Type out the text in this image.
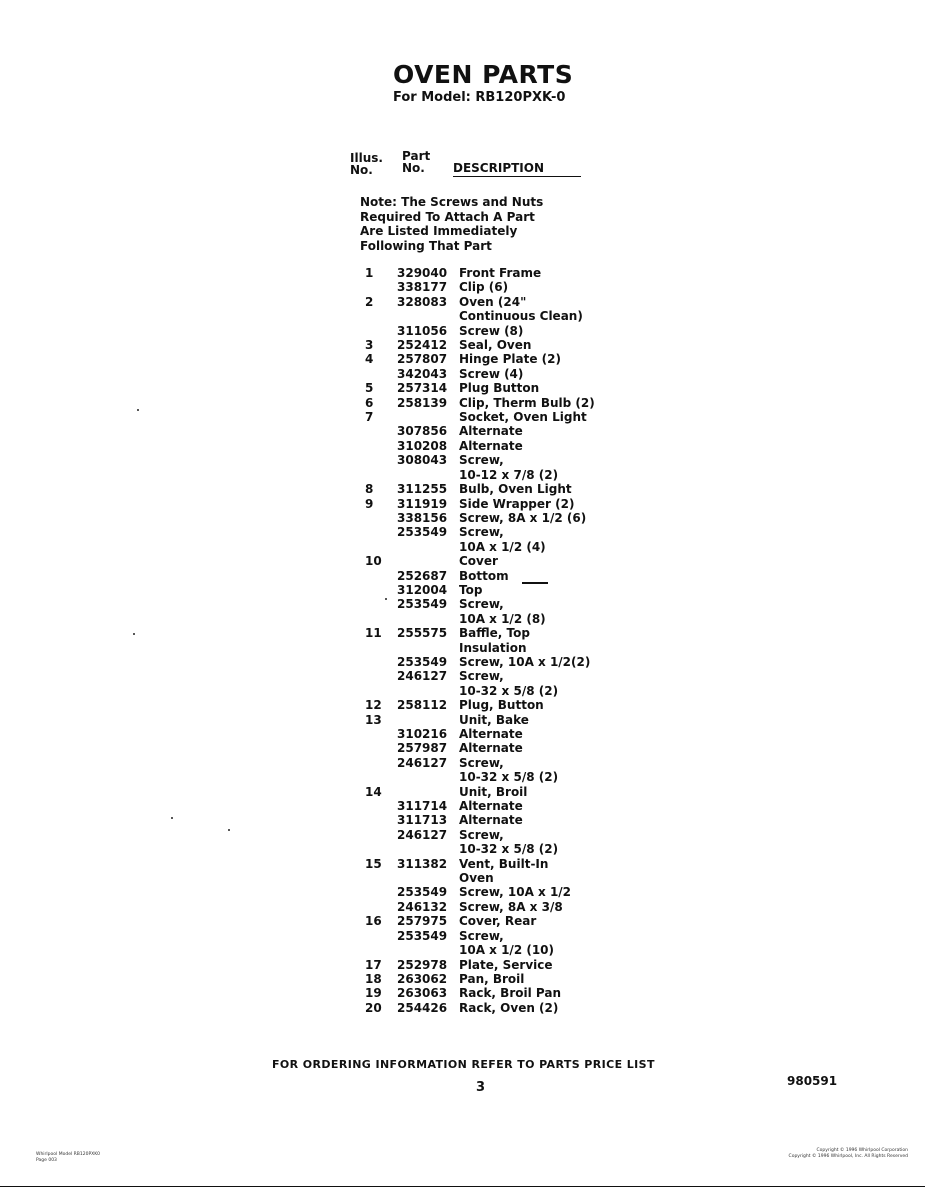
OVEN PARTS
For Model: RB120PXK-0
Illus.
No.
Part
No.	DESCRIPTION
Note: The Screws and Nuts
Required To Attach A Part
Are Listed Immediately
Following That Part
1	329040 Front Frame
338177 Clip (6)
2	328083 Oven (24"
Continuous Clean)
311056 Screw (8)
3	252412 Seal, Oven
4	257807 Hinge Plate (2)
342043 Screw (4)
5	257314 Plug Button
6	258139 Clip, Therm Bulb (2)
7	Socket, Oven Light
307856 Alternate
310208 Alternate
308043 Screw,
10-12 x 7/8 (2)
8	311255 Bulb, Oven Light
9	311919 Side Wrapper (2)
338156 Screw, 8A x 1/2 (6)
253549 Screw,
10A x 1/2 (4)
10	Cover
252687 Bottom
312004 Top
253549 Screw,
10A x 1/2 (8)
11	255575 Baffle, Top
Insulation
253549 Screw, 10A x 1/2(2)
246127 Screw,
10-32 x 5/8 (2)
12	258112 Plug, Button
13	Unit, Bake
310216 Alternate
257987 Alternate
246127 Screw,
10-32 x 5/8 (2)
14	Unit, Broil
311714 Alternate
311713 Alternate
246127 Screw,
10-32 x 5/8 (2)
15	311382 Vent, Built-In
Oven
253549 Screw, 10A x 1/2
246132 Screw, 8A x 3/8
16	257975 Cover, Rear
253549 Screw,
10A x 1/2 (10)
17	252978 Plate, Service
18	263062 Pan, Broil
19	263063 Rack, Broil Pan
20	254426 Rack, Oven (2)
FOR ORDERING INFORMATION REFER TO PARTS PRICE LIST
3	980591
Whirlpool Model RB120PXK0
Page 003
Copyright © 1996 Whirlpool Corporation
Copyright © 1996 Whirlpool, Inc. All Rights Reserved
